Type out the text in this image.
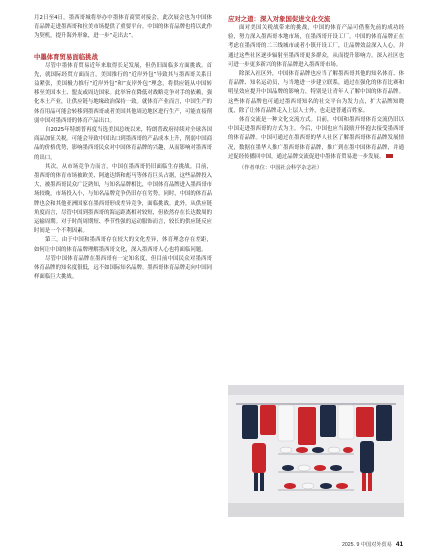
月2日至4日，墨西哥城将举办中墨体育商贸对接会，此次展会也为中国体育品牌走进墨西哥和拉美市场提供了重要平台。中国的体育品牌也将以此作为契机，提升海外形象，进一步“走出去”。

中墨体育贸易面临挑战

尽管中墨体育贸易近年来取得长足发展，但仍旧面临多方面挑战。首先，就国际经贸方面而言，美国推行的“近岸外包”导致其与墨西哥关系日益紧张，美国极力推行“近岸外包”和“友岸外包”理念，将供应链从中国转移至美国本土、盟友或周边国家。此举旨在降低对战略竞争对手的依赖，强化本土产业，让供应链与地缘政治保持一致。就体育产业而言，中国生产的体育用品可能会转移到墨西哥或者美国其他周边地区进行生产，可能直接削弱中国对墨西哥的体育产品出口。

自2025年特朗普再度当选美国总统以来，特朗普政府持续对全球各国商品加征关税。可能会导致中国出口到墨西哥的产品成本上升，削弱中国商品的价格优势，影响墨西哥民众对中国体育品牌的兴趣，从而影响对墨西哥的出口。

其次，从市场竞争力而言，中国在墨西哥仍旧面临生存挑战。目前，墨西哥的体育市场被欧美、阿迪达斯和彪马等体育巨头占据，这些品牌投入大，被墨西哥民众广泛熟知，与知名品牌相比，中国体育品牌进入墨西哥市场较晚，市场投入小，与知名品牌竞争仍旧存在劣势。同时，中国的体育品牌也会和其他亚洲国家在墨西哥形成差异竞争，面临挑战。此外，从供应链角度而言，尽管中国到墨西哥的海运距离相对较短，但依然存在长达数周的运输周期。对于时尚周期短、季节性强的运动服饰而言，较长的供应链反应时间是一个不利因素。

第三，由于中国和墨西哥存在较大的文化差异，体育理念存在差距，如何让中国的体育品牌理解墨西哥文化，深入墨西哥人心也将面临问题。

尽管中国体育品牌在墨西哥有一定知名度，但目前中国民众对墨西哥体育品牌的知名度很低，远不如国际知名品牌。墨西哥体育品牌走向中国同样面临巨大挑战。

应对之道：深入对象国促进文化交流

面对美国关税战带来的挑战，中国的体育产品可借鉴先前的成功经验，努力深入墨西哥本地市场，在墨西哥开设工厂。中国的体育品牌正在考虑在墨西哥的二三线城市或者小镇开设工厂，让品牌效益深入人心，并通过这些社区逐步辐射至墨西哥更多群众，从而提升影响力。深入社区也可进一步更多新兴的体育品牌进入墨西哥市场。

除深入社区外，中国体育品牌也应当了解墨西哥其他的知名体育、体育品牌、知名运动员，与当地进一步建立联系，通过在强化的体育比赛和明星效应提升中国品牌的影响力，特别是让青年人了解中国的体育品牌。这些体育品牌也可通过墨西哥知名的社交平台为发力点，扩大品牌知晓度，除了让体育品牌走入上层人士外，也走进普通百姓家。

体育交流是一种文化交流方式。目前，中国和墨西哥体育交流仍旧以中国走进墨西哥的方式为主。今后，中国也应当鼓励开怀抱去接受墨西哥的体育品牌。中国可通过在墨西哥的华人社区了解墨西哥体育品牌发展情况，数据在墨华人推广墨西哥体育品牌，推广到在墨中国体育品牌，并通过促经传播回中国，通过品牌交流促进中墨体育贸易进一步发展。	CPF

（作者单位：中国社会科学杂志社）

2025. 9 中国对外贸易 41
